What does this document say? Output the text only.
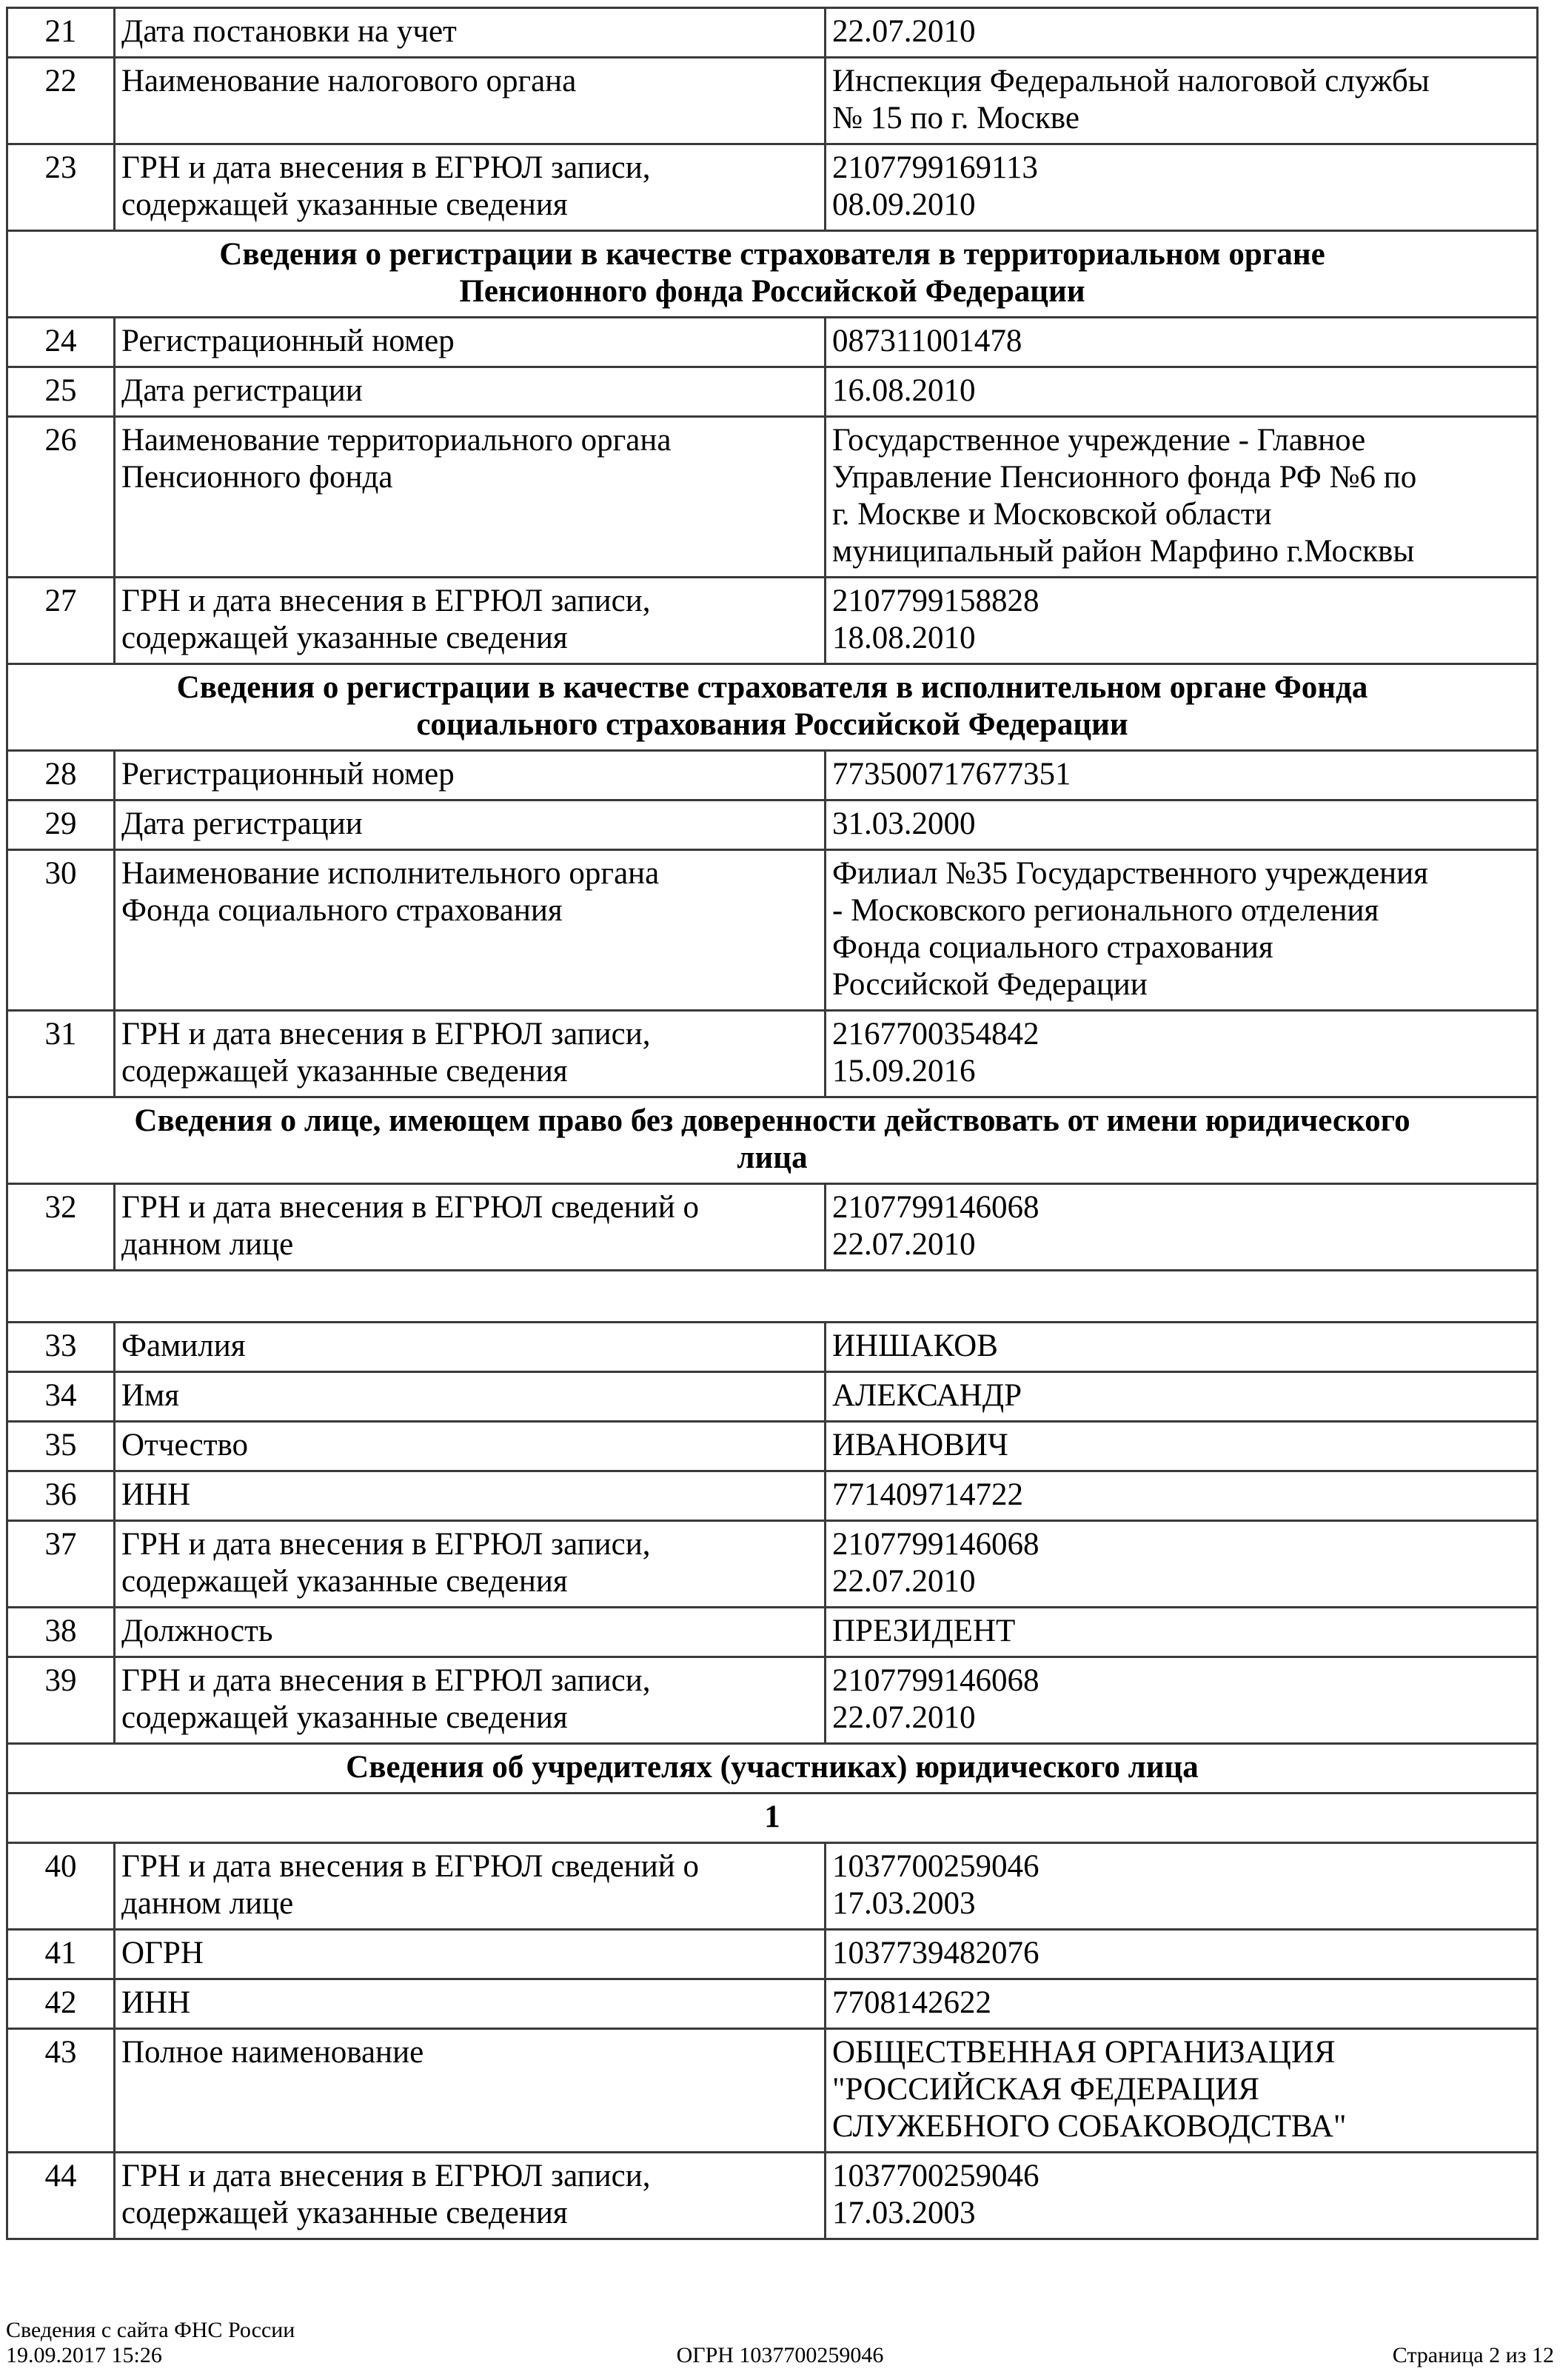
21	Дата постановки на учет	22.07.2010

22	Наименование налогового органа	Инспекция Федеральной налоговой службы
№ 15 по г. Москве

23	ГРН и дата внесения в ЕГРЮЛ записи,
содержащей указанные сведения	2107799169113
08.09.2010

Сведения о регистрации в качестве страхователя в территориальном органе
Пенсионного фонда Российской Федерации		

24	Регистрационный номер	087311001478

25	Дата регистрации	16.08.2010

26	Наименование территориального органа
Пенсионного фонда	Государственное учреждение - Главное
Управление Пенсионного фонда РФ №6 по
г. Москве и Московской области
муниципальный район Марфино г.Москвы

27	ГРН и дата внесения в ЕГРЮЛ записи,
содержащей указанные сведения	2107799158828
18.08.2010

Сведения о регистрации в качестве страхователя в исполнительном органе Фонда
социального страхования Российской Федерации		

28	Регистрационный номер	773500717677351

29	Дата регистрации	31.03.2000

30	Наименование исполнительного органа
Фонда социального страхования	Филиал №35 Государственного учреждения
- Московского регионального отделения
Фонда социального страхования
Российской Федерации

31	ГРН и дата внесения в ЕГРЮЛ записи,
содержащей указанные сведения	2167700354842
15.09.2016

Сведения о лице, имеющем право без доверенности действовать от имени юридического
лица		

32	ГРН и дата внесения в ЕГРЮЛ сведений о
данном лице	2107799146068
22.07.2010

33	Фамилия	ИНШАКОВ

34	Имя	АЛЕКСАНДР

35	Отчество	ИВАНОВИЧ

36	ИНН	771409714722

37	ГРН и дата внесения в ЕГРЮЛ записи,
содержащей указанные сведения	2107799146068
22.07.2010

38	Должность	ПРЕЗИДЕНТ

39	ГРН и дата внесения в ЕГРЮЛ записи,
содержащей указанные сведения	2107799146068
22.07.2010

Сведения об учредителях (участниках) юридического лица		
1		
40	ГРН и дата внесения в ЕГРЮЛ сведений о
данном лице	1037700259046
17.03.2003

41	ОГРН	1037739482076

42	ИНН	7708142622

43	Полное наименование	ОБЩЕСТВЕННАЯ ОРГАНИЗАЦИЯ
"РОССИЙСКАЯ ФЕДЕРАЦИЯ
СЛУЖЕБНОГО СОБАКОВОДСТВА"

44	ГРН и дата внесения в ЕГРЮЛ записи,
содержащей указанные сведения	1037700259046
17.03.2003
Сведения с сайта ФНС России
19.09.2017 15:26	ОГРН 1037700259046	Страница 2 из 12
